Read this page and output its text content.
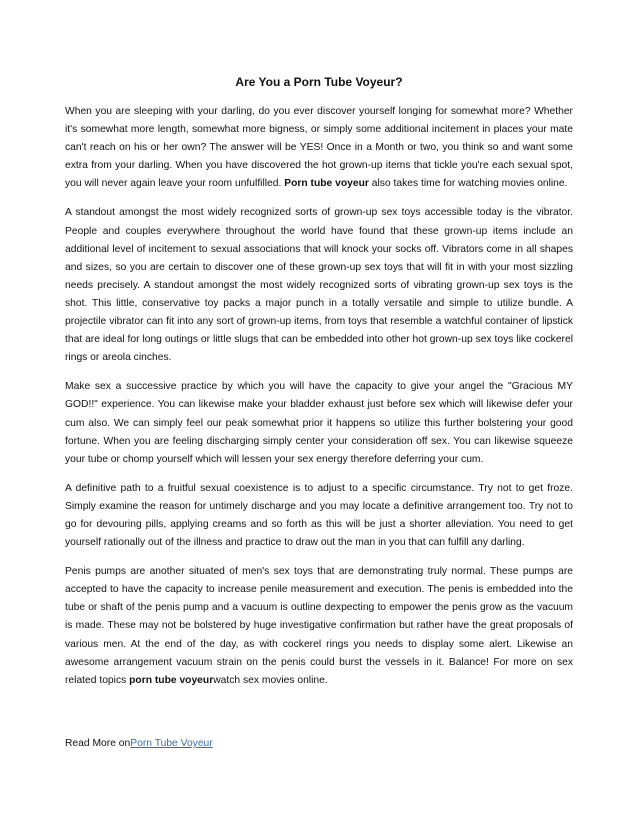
Are You a Porn Tube Voyeur?

When you are sleeping with your darling, do you ever discover yourself longing for somewhat more? Whether it's somewhat more length, somewhat more bigness, or simply some additional incitement in places your mate can't reach on his or her own? The answer will be YES! Once in a Month or two, you think so and want some extra from your darling. When you have discovered the hot grown-up items that tickle you're each sexual spot, you will never again leave your room unfulfilled. Porn tube voyeur also takes time for watching movies online.

A standout amongst the most widely recognized sorts of grown-up sex toys accessible today is the vibrator. People and couples everywhere throughout the world have found that these grown-up items include an additional level of incitement to sexual associations that will knock your socks off. Vibrators come in all shapes and sizes, so you are certain to discover one of these grown-up sex toys that will fit in with your most sizzling needs precisely. A standout amongst the most widely recognized sorts of vibrating grown-up sex toys is the shot. This little, conservative toy packs a major punch in a totally versatile and simple to utilize bundle. A projectile vibrator can fit into any sort of grown-up items, from toys that resemble a watchful container of lipstick that are ideal for long outings or little slugs that can be embedded into other hot grown-up sex toys like cockerel rings or areola cinches.

Make sex a successive practice by which you will have the capacity to give your angel the "Gracious MY GOD!!" experience. You can likewise make your bladder exhaust just before sex which will likewise defer your cum also. We can simply feel our peak somewhat prior it happens so utilize this further bolstering your good fortune. When you are feeling discharging simply center your consideration off sex. You can likewise squeeze your tube or chomp yourself which will lessen your sex energy therefore deferring your cum.

A definitive path to a fruitful sexual coexistence is to adjust to a specific circumstance. Try not to get froze. Simply examine the reason for untimely discharge and you may locate a definitive arrangement too. Try not to go for devouring pills, applying creams and so forth as this will be just a shorter alleviation. You need to get yourself rationally out of the illness and practice to draw out the man in you that can fulfill any darling.

Penis pumps are another situated of men's sex toys that are demonstrating truly normal. These pumps are accepted to have the capacity to increase penile measurement and execution. The penis is embedded into the tube or shaft of the penis pump and a vacuum is outline dexpecting to empower the penis grow as the vacuum is made. These may not be bolstered by huge investigative confirmation but rather have the great proposals of various men. At the end of the day, as with cockerel rings you needs to display some alert. Likewise an awesome arrangement vacuum strain on the penis could burst the vessels in it. Balance! For more on sex related topics porn tube voyeurwatch sex movies online.

Read More onPorn Tube Voyeur
